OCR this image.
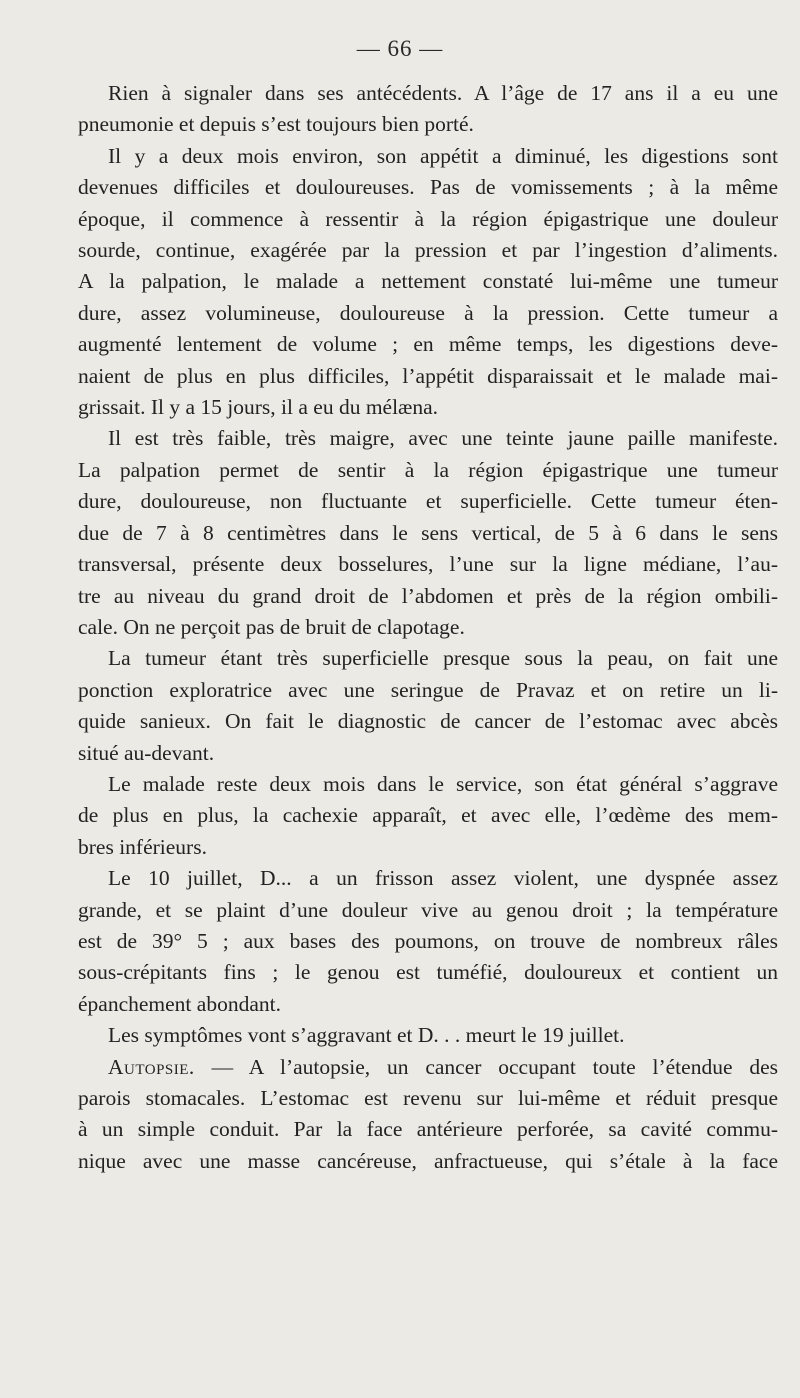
— 66 —
Rien à signaler dans ses antécédents. A l’âge de 17 ans il a eu une
pneumonie et depuis s’est toujours bien porté.
Il y a deux mois environ, son appétit a diminué, les digestions sont
devenues difficiles et douloureuses. Pas de vomissements ; à la même
époque, il commence à ressentir à la région épigastrique une douleur
sourde, continue, exagérée par la pression et par l’ingestion d’aliments.
A la palpation, le malade a nettement constaté lui-même une tumeur
dure, assez volumineuse, douloureuse à la pression. Cette tumeur a
augmenté lentement de volume ; en même temps, les digestions deve-
naient de plus en plus difficiles, l’appétit disparaissait et le malade mai-
grissait. Il y a 15 jours, il a eu du mélæna.
Il est très faible, très maigre, avec une teinte jaune paille manifeste.
La palpation permet de sentir à la région épigastrique une tumeur
dure, douloureuse, non fluctuante et superficielle. Cette tumeur éten-
due de 7 à 8 centimètres dans le sens vertical, de 5 à 6 dans le sens
transversal, présente deux bosselures, l’une sur la ligne médiane, l’au-
tre au niveau du grand droit de l’abdomen et près de la région ombili-
cale. On ne perçoit pas de bruit de clapotage.
La tumeur étant très superficielle presque sous la peau, on fait une
ponction exploratrice avec une seringue de Pravaz et on retire un li-
quide sanieux. On fait le diagnostic de cancer de l’estomac avec abcès
situé au-devant.
Le malade reste deux mois dans le service, son état général s’aggrave
de plus en plus, la cachexie apparaît, et avec elle, l’œdème des mem-
bres inférieurs.
Le 10 juillet, D... a un frisson assez violent, une dyspnée assez
grande, et se plaint d’une douleur vive au genou droit ; la température
est de 39° 5 ; aux bases des poumons, on trouve de nombreux râles
sous-crépitants fins ; le genou est tuméfié, douloureux et contient un
épanchement abondant.
Les symptômes vont s’aggravant et D. . . meurt le 19 juillet.
Autopsie. — A l’autopsie, un cancer occupant toute l’étendue des
parois stomacales. L’estomac est revenu sur lui-même et réduit presque
à un simple conduit. Par la face antérieure perforée, sa cavité commu-
nique avec une masse cancéreuse, anfractueuse, qui s’étale à la face
